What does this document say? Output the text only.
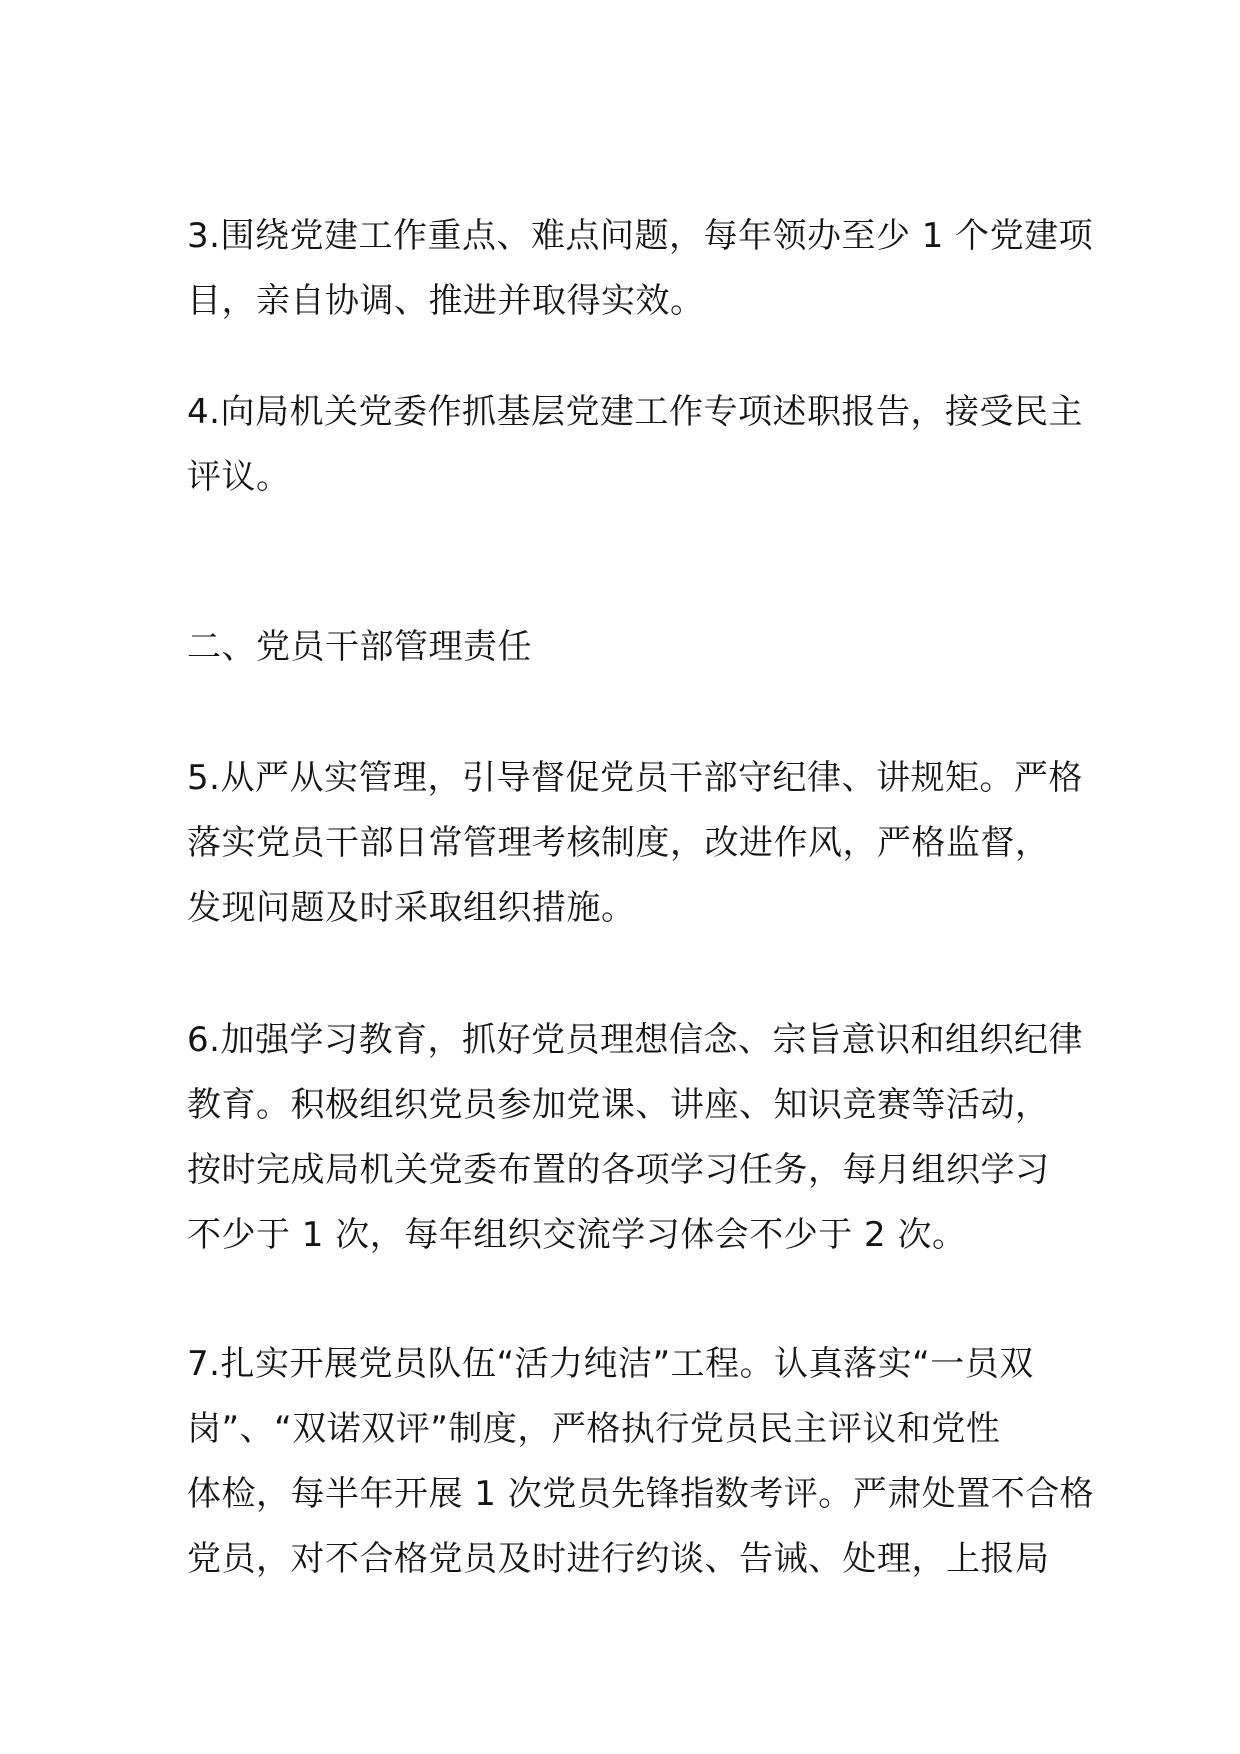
3.围绕党建工作重点、难点问题，每年领办至少 1 个党建项
目，亲自协调、推进并取得实效。

4.向局机关党委作抓基层党建工作专项述职报告，接受民主
评议。

二、党员干部管理责任

5.从严从实管理，引导督促党员干部守纪律、讲规矩。严格
落实党员干部日常管理考核制度，改进作风，严格监督，
发现问题及时采取组织措施。

6.加强学习教育，抓好党员理想信念、宗旨意识和组织纪律
教育。积极组织党员参加党课、讲座、知识竞赛等活动，
按时完成局机关党委布置的各项学习任务，每月组织学习
不少于 1 次，每年组织交流学习体会不少于 2 次。

7.扎实开展党员队伍“活力纯洁”工程。认真落实“一员双
岗”、“双诺双评”制度，严格执行党员民主评议和党性
体检，每半年开展 1 次党员先锋指数考评。严肃处置不合格
党员，对不合格党员及时进行约谈、告诫、处理，上报局
